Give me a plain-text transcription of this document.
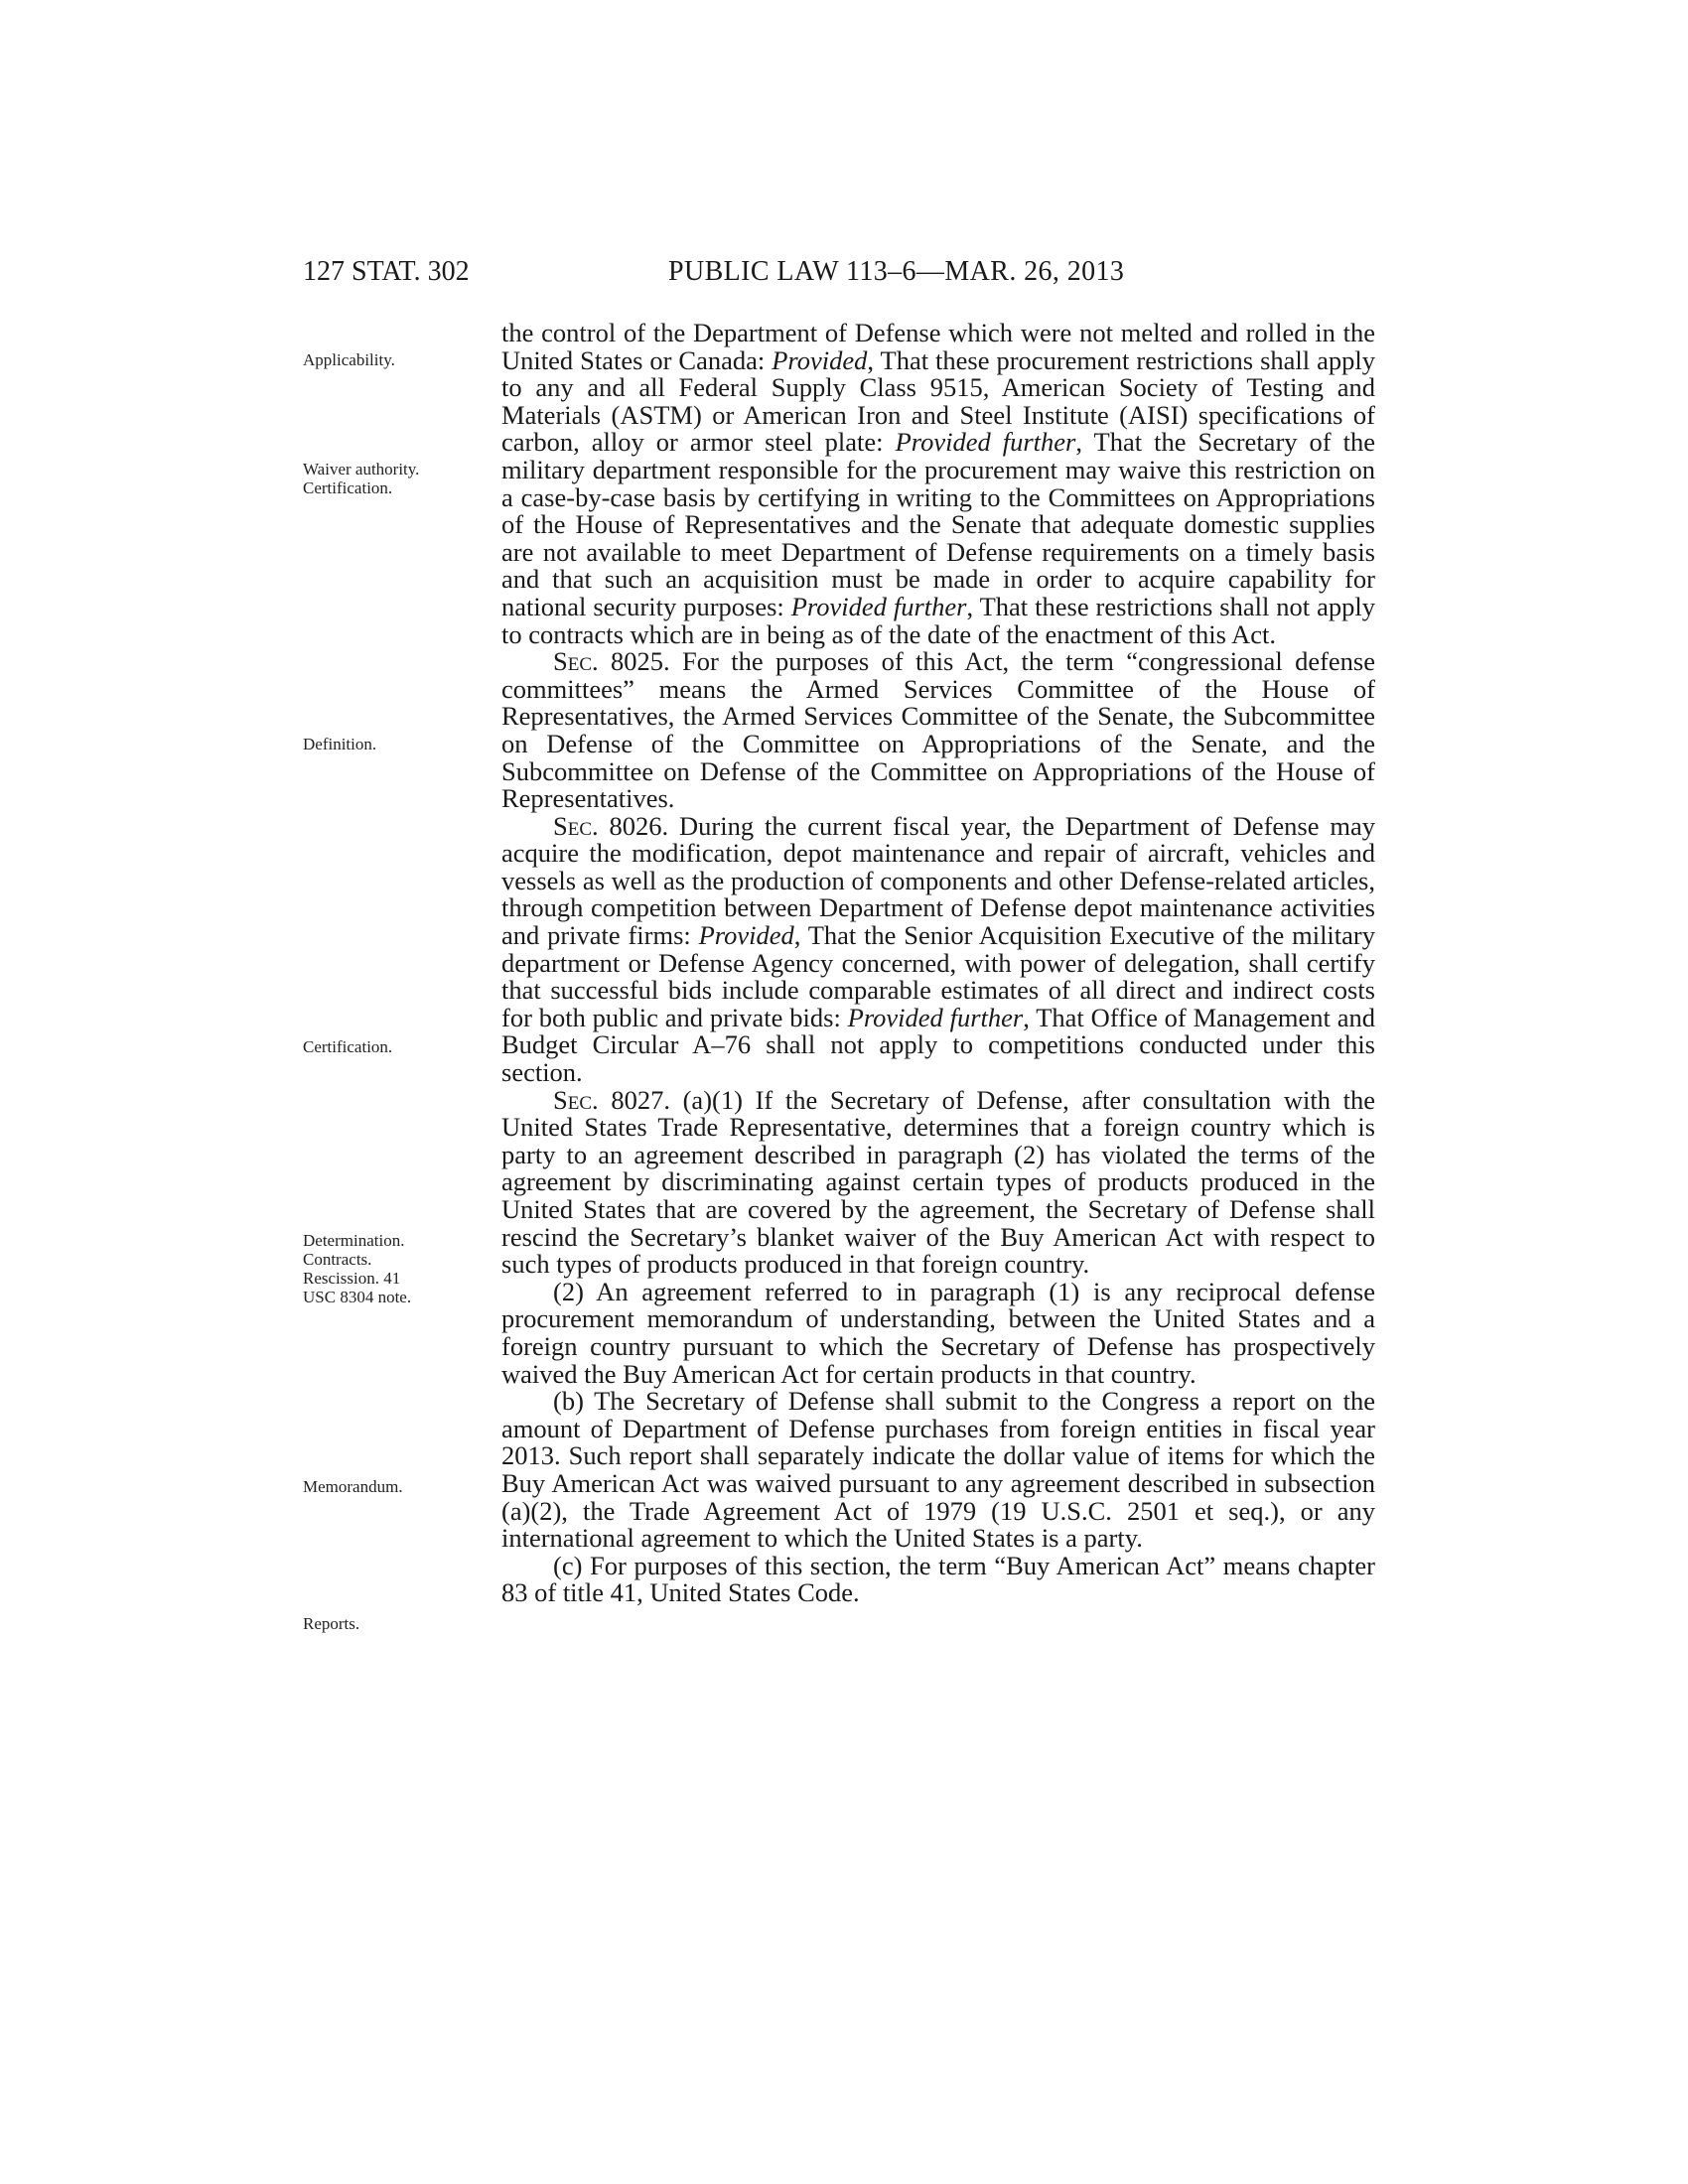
127 STAT. 302	PUBLIC LAW 113–6—MAR. 26, 2013
Applicability.
Waiver authority. Certification.
Definition.
Certification.
Determination. Contracts. Rescission. 41 USC 8304 note.
Memorandum.
Reports.

the control of the Department of Defense which were not melted and rolled in the United States or Canada: Provided, That these procurement restrictions shall apply to any and all Federal Supply Class 9515, American Society of Testing and Materials (ASTM) or American Iron and Steel Institute (AISI) specifications of carbon, alloy or armor steel plate: Provided further, That the Secretary of the military department responsible for the procurement may waive this restriction on a case-by-case basis by certifying in writing to the Committees on Appropriations of the House of Representatives and the Senate that adequate domestic supplies are not available to meet Department of Defense requirements on a timely basis and that such an acquisition must be made in order to acquire capability for national security purposes: Provided further, That these restrictions shall not apply to contracts which are in being as of the date of the enactment of this Act.

Sec. 8025. For the purposes of this Act, the term “congressional defense committees” means the Armed Services Committee of the House of Representatives, the Armed Services Committee of the Senate, the Subcommittee on Defense of the Committee on Appropriations of the Senate, and the Subcommittee on Defense of the Committee on Appropriations of the House of Representatives.

Sec. 8026. During the current fiscal year, the Department of Defense may acquire the modification, depot maintenance and repair of aircraft, vehicles and vessels as well as the production of components and other Defense-related articles, through competition between Department of Defense depot maintenance activities and private firms: Provided, That the Senior Acquisition Executive of the military department or Defense Agency concerned, with power of delegation, shall certify that successful bids include comparable estimates of all direct and indirect costs for both public and private bids: Provided further, That Office of Management and Budget Circular A–76 shall not apply to competitions conducted under this section.

Sec. 8027. (a)(1) If the Secretary of Defense, after consultation with the United States Trade Representative, determines that a foreign country which is party to an agreement described in paragraph (2) has violated the terms of the agreement by discriminating against certain types of products produced in the United States that are covered by the agreement, the Secretary of Defense shall rescind the Secretary’s blanket waiver of the Buy American Act with respect to such types of products produced in that foreign country.

(2) An agreement referred to in paragraph (1) is any reciprocal defense procurement memorandum of understanding, between the United States and a foreign country pursuant to which the Secretary of Defense has prospectively waived the Buy American Act for certain products in that country.

(b) The Secretary of Defense shall submit to the Congress a report on the amount of Department of Defense purchases from foreign entities in fiscal year 2013. Such report shall separately indicate the dollar value of items for which the Buy American Act was waived pursuant to any agreement described in subsection (a)(2), the Trade Agreement Act of 1979 (19 U.S.C. 2501 et seq.), or any international agreement to which the United States is a party.

(c) For purposes of this section, the term “Buy American Act” means chapter 83 of title 41, United States Code.
